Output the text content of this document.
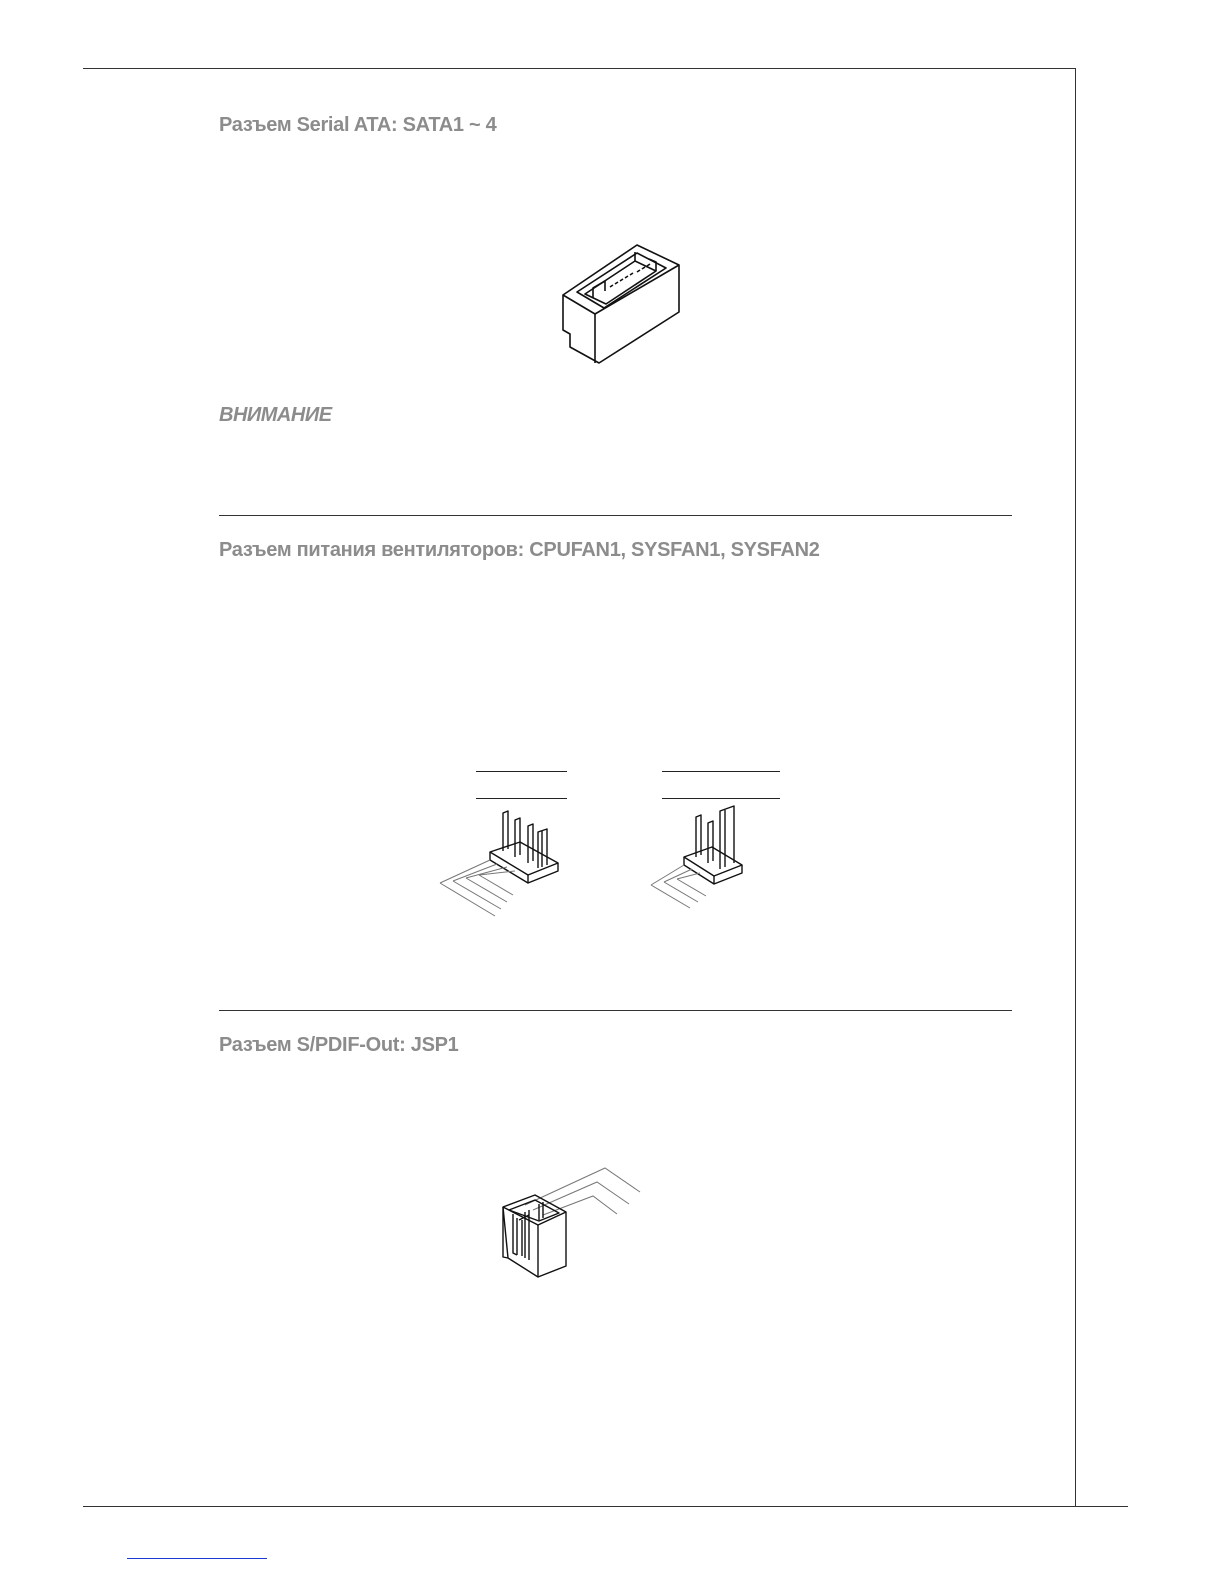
Разъем Serial ATA: SATA1 ~ 4
ВНИМАНИЕ
Разъем питания вентиляторов: CPUFAN1, SYSFAN1, SYSFAN2
Разъем S/PDIF-Out: JSP1
